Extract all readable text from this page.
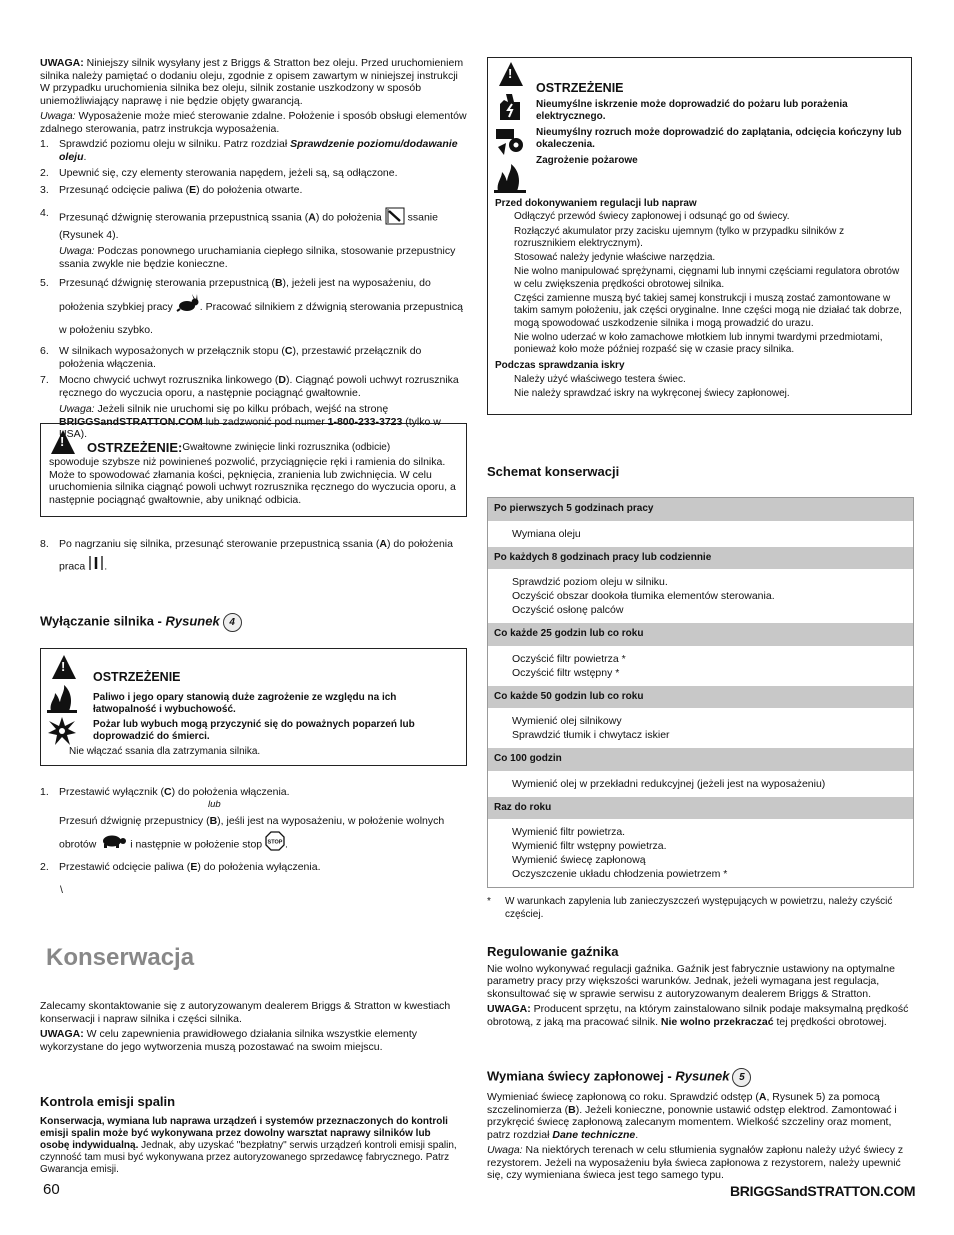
UWAGA: Niniejszy silnik wysyłany jest z Briggs & Stratton bez oleju. Przed uruchomieniem silnika należy pamiętać o dodaniu oleju, zgodnie z opisem zawartym w niniejszej instrukcji W przypadku uruchomienia silnika bez oleju, silnik zostanie uszkodzony w sposób uniemożliwiający naprawę i nie będzie objęty gwarancją.

Uwaga: Wyposażenie może mieć sterowanie zdalne. Położenie i sposób obsługi elementów zdalnego sterowania, patrz instrukcja wyposażenia.

1. Sprawdzić poziomu oleju w silniku. Patrz rozdział Sprawdzenie poziomu/dodawanie oleju.
2. Upewnić się, czy elementy sterowania napędem, jeżeli są, są odłączone.
3. Przesunąć odcięcie paliwa (E) do położenia otwarte.
4. Przesunąć dźwignię sterowania przepustnicą ssania (A) do położenia ssanie (Rysunek 4).
Uwaga: Podczas ponownego uruchamiania ciepłego silnika, stosowanie przepustnicy ssania zwykle nie będzie konieczne.
5. Przesunąć dźwignię sterowania przepustnicą (B), jeżeli jest na wyposażeniu, do położenia szybkiej pracy	. Pracować silnikiem z dźwignią sterowania przepustnicą w położeniu szybko.
6. W silnikach wyposażonych w przełącznik stopu (C), przestawić przełącznik do położenia włączenia.
7. Mocno chwycić uchwyt rozrusznika linkowego (D). Ciągnąć powoli uchwyt rozrusznika ręcznego do wyczucia oporu, a następnie pociągnąć gwałtownie.
Uwaga: Jeżeli silnik nie uruchomi się po kilku próbach, wejść na stronę BRIGGSandSTRATTON.COM lub zadzwonić pod numer 1-800-233-3723 (tylko w USA).
!
OSTRZEŻENIE: Gwałtowne zwinięcie linki rozrusznika (odbicie)

spowoduje szybsze niż powinieneś pozwolić, przyciągnięcie ręki i ramienia do silnika. Może to spowodować złamania kości, pęknięcia, zranienia lub zwichnięcia. W celu uruchomienia silnika ciągnąć powoli uchwyt rozrusznika ręcznego do wyczucia oporu, a następnie pociągnąć gwałtownie, aby uniknąć odbicia.

8. Po nagrzaniu się silnika, przesunąć sterowanie przepustnicą ssania (A) do położenia praca .
Wyłączanie silnika - Rysunek 4
!

OSTRZEŻENIE

Paliwo i jego opary stanowią duże zagrożenie ze względu na ich łatwopalność i wybuchowość.

Pożar lub wybuch mogą przyczynić się do poważnych poparzeń lub doprowadzić do śmierci.

Nie włączać ssania dla zatrzymania silnika.

1. Przestawić wyłącznik (C) do położenia włączenia.
lub
Przesuń dźwignię przepustnicy (B), jeśli jest na wyposażeniu, w położenie wolnych obrotów	i następnie w położenie stop STOP .
2. Przestawić odcięcie paliwa (E) do położenia wyłączenia.
\
Konserwacja

Zalecamy skontaktowanie się z autoryzowanym dealerem Briggs & Stratton w kwestiach konserwacji i napraw silnika i części silnika.

UWAGA: W celu zapewnienia prawidłowego działania silnika wszystkie elementy wykorzystane do jego wytworzenia muszą pozostawać na swoim miejscu.

Kontrola emisji spalin

Konserwacja, wymiana lub naprawa urządzeń i systemów przeznaczonych do kontroli emisji spalin może być wykonywana przez dowolny warsztat naprawy silników lub osobę indywidualną. Jednak, aby uzyskać "bezpłatny" serwis urządzeń kontroli emisji spalin, czynność tam musi być wykonywana przez autoryzowanego sprzedawcę fabrycznego. Patrz Gwarancja emisji.

!

OSTRZEŻENIE

Nieumyślne iskrzenie może doprowadzić do pożaru lub porażenia elektrycznego.

Nieumyślny rozruch może doprowadzić do zaplątania, odcięcia kończyny lub okaleczenia.

Zagrożenie pożarowe

Przed dokonywaniem regulacji lub napraw

Odłączyć przewód świecy zapłonowej i odsunąć go od świecy.

Rozłączyć akumulator przy zacisku ujemnym (tylko w przypadku silników z rozrusznikiem elektrycznym).

Stosować należy jedynie właściwe narzędzia.

Nie wolno manipulować sprężynami, cięgnami lub innymi częściami regulatora obrotów w celu zwiększenia prędkości obrotowej silnika.

Części zamienne muszą być takiej samej konstrukcji i muszą zostać zamontowane w takim samym położeniu, jak części oryginalne. Inne części mogą nie działać tak dobrze, mogą spowodować uszkodzenie silnika i mogą prowadzić do urazu.

Nie wolno uderzać w koło zamachowe młotkiem lub innymi twardymi przedmiotami, ponieważ koło może później rozpaść się w czasie pracy silnika.

Podczas sprawdzania iskry

Należy użyć właściwego testera świec.

Nie należy sprawdzać iskry na wykręconej świecy zapłonowej.

Schemat konserwacji
Po pierwszych 5 godzinach pracy
Wymiana oleju
Po każdych 8 godzinach pracy lub codziennie
Sprawdzić poziom oleju w silniku.
Oczyścić obszar dookoła tłumika elementów sterowania.
Oczyścić osłonę palców
Co każde 25 godzin lub co roku
Oczyścić filtr powietrza *
Oczyścić filtr wstępny *
Co każde 50 godzin lub co roku
Wymienić olej silnikowy
Sprawdzić tłumik i chwytacz iskier
Co 100 godzin
Wymienić olej w przekładni redukcyjnej (jeżeli jest na wyposażeniu)
Raz do roku
Wymienić filtr powietrza.
Wymienić filtr wstępny powietrza.
Wymienić świecę zapłonową
Oczyszczenie układu chłodzenia powietrzem *
*	W warunkach zapylenia lub zanieczyszczeń występujących w powietrzu, należy czyścić częściej.

Regulowanie gaźnika

Nie wolno wykonywać regulacji gaźnika. Gaźnik jest fabrycznie ustawiony na optymalne parametry pracy przy większości warunków. Jednak, jeżeli wymagana jest regulacja, skonsultować się w sprawie serwisu z autoryzowanym dealerem Briggs & Stratton.

UWAGA: Producent sprzętu, na którym zainstalowano silnik podaje maksymalną prędkość obrotową, z jaką ma pracować silnik. Nie wolno przekraczać tej prędkości obrotowej.

Wymiana świecy zapłonowej - Rysunek 5

Wymieniać świecę zapłonową co roku. Sprawdzić odstęp (A, Rysunek 5) za pomocą szczelinomierza (B). Jeżeli konieczne, ponownie ustawić odstęp elektrod. Zamontować i przykręcić świecę zapłonową zalecanym momentem. Wielkość szczeliny oraz moment, patrz rozdział Dane techniczne.

Uwaga: Na niektórych terenach w celu stłumienia sygnałów zapłonu należy użyć świecy z rezystorem. Jeżeli na wyposażeniu była świeca zapłonowa z rezystorem, należy upewnić się, czy wymieniana świeca jest tego samego typu.

60	BRIGGSandSTRATTON.COM
